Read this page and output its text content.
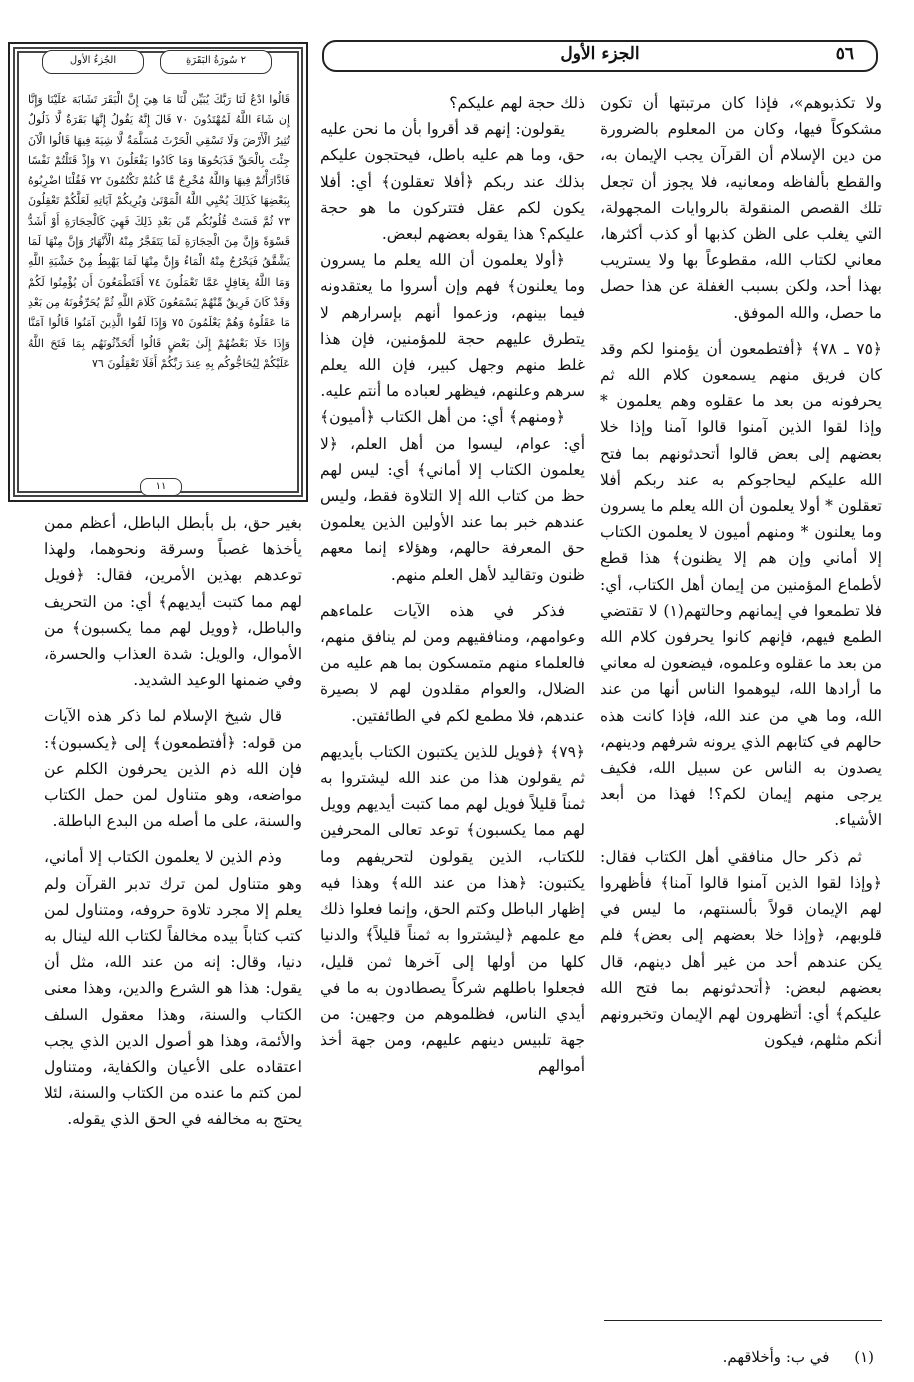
٥٦
الجزء الأول
الجُزءُ الأول	٢ سُورَةُ البَقَرَةِ
قَالُوا ادْعُ لَنَا رَبَّكَ يُبَيِّن لَّنَا مَا هِيَ إِنَّ الْبَقَرَ تَشَابَهَ عَلَيْنَا وَإِنَّا إِن شَاءَ اللَّهُ لَمُهْتَدُونَ ٧٠ قَالَ إِنَّهُ يَقُولُ إِنَّهَا بَقَرَةٌ لَّا ذَلُولٌ تُثِيرُ الْأَرْضَ وَلَا تَسْقِي الْحَرْثَ مُسَلَّمَةٌ لَّا شِيَةَ فِيهَا قَالُوا الْآنَ جِئْتَ بِالْحَقِّ فَذَبَحُوهَا وَمَا كَادُوا يَفْعَلُونَ ٧١ وَإِذْ قَتَلْتُمْ نَفْسًا فَادَّارَأْتُمْ فِيهَا وَاللَّهُ مُخْرِجٌ مَّا كُنتُمْ تَكْتُمُونَ ٧٢ فَقُلْنَا اضْرِبُوهُ بِبَعْضِهَا كَذَلِكَ يُحْيِي اللَّهُ الْمَوْتَىٰ وَيُرِيكُمْ آيَاتِهِ لَعَلَّكُمْ تَعْقِلُونَ ٧٣ ثُمَّ قَسَتْ قُلُوبُكُم مِّن بَعْدِ ذَلِكَ فَهِيَ كَالْحِجَارَةِ أَوْ أَشَدُّ قَسْوَةً وَإِنَّ مِنَ الْحِجَارَةِ لَمَا يَتَفَجَّرُ مِنْهُ الْأَنْهَارُ وَإِنَّ مِنْهَا لَمَا يَشَّقَّقُ فَيَخْرُجُ مِنْهُ الْمَاءُ وَإِنَّ مِنْهَا لَمَا يَهْبِطُ مِنْ خَشْيَةِ اللَّهِ وَمَا اللَّهُ بِغَافِلٍ عَمَّا تَعْمَلُونَ ٧٤ أَفَتَطْمَعُونَ أَن يُؤْمِنُوا لَكُمْ وَقَدْ كَانَ فَرِيقٌ مِّنْهُمْ يَسْمَعُونَ كَلَامَ اللَّهِ ثُمَّ يُحَرِّفُونَهُ مِن بَعْدِ مَا عَقَلُوهُ وَهُمْ يَعْلَمُونَ ٧٥ وَإِذَا لَقُوا الَّذِينَ آمَنُوا قَالُوا آمَنَّا وَإِذَا خَلَا بَعْضُهُمْ إِلَىٰ بَعْضٍ قَالُوا أَتُحَدِّثُونَهُم بِمَا فَتَحَ اللَّهُ عَلَيْكُمْ لِيُحَاجُّوكُم بِهِ عِندَ رَبِّكُمْ أَفَلَا تَعْقِلُونَ ٧٦
١١

ولا تكذبوهم»، فإذا كان مرتبتها أن تكون مشكوكاً فيها، وكان من المعلوم بالضرورة من دين الإسلام أن القرآن يجب الإيمان به، والقطع بألفاظه ومعانيه، فلا يجوز أن تجعل تلك القصص المنقولة بالروايات المجهولة، التي يغلب على الظن كذبها أو كذب أكثرها، معاني لكتاب الله، مقطوعاً بها ولا يستريب بهذا أحد، ولكن بسبب الغفلة عن هذا حصل ما حصل، والله الموفق.

﴿٧٥ ـ ٧٨﴾ ﴿أفتطمعون أن يؤمنوا لكم وقد كان فريق منهم يسمعون كلام الله ثم يحرفونه من بعد ما عقلوه وهم يعلمون * وإذا لقوا الذين آمنوا قالوا آمنا وإذا خلا بعضهم إلى بعض قالوا أتحدثونهم بما فتح الله عليكم ليحاجوكم به عند ربكم أفلا تعقلون * أولا يعلمون أن الله يعلم ما يسرون وما يعلنون * ومنهم أميون لا يعلمون الكتاب إلا أماني وإن هم إلا يظنون﴾ هذا قطع لأطماع المؤمنين من إيمان أهل الكتاب، أي: فلا تطمعوا في إيمانهم وحالتهم(١) لا تقتضي الطمع فيهم، فإنهم كانوا يحرفون كلام الله من بعد ما عقلوه وعلموه، فيضعون له معاني ما أرادها الله، ليوهموا الناس أنها من عند الله، وما هي من عند الله، فإذا كانت هذه حالهم في كتابهم الذي يرونه شرفهم ودينهم، يصدون به الناس عن سبيل الله، فكيف يرجى منهم إيمان لكم؟! فهذا من أبعد الأشياء.

ثم ذكر حال منافقي أهل الكتاب فقال: ﴿وإذا لقوا الذين آمنوا قالوا آمنا﴾ فأظهروا لهم الإيمان قولاً بألسنتهم، ما ليس في قلوبهم، ﴿وإذا خلا بعضهم إلى بعض﴾ فلم يكن عندهم أحد من غير أهل دينهم، قال بعضهم لبعض: ﴿أتحدثونهم بما فتح الله عليكم﴾ أي: أتظهرون لهم الإيمان وتخبرونهم أنكم مثلهم، فيكون

ذلك حجة لهم عليكم؟

يقولون: إنهم قد أقروا بأن ما نحن عليه حق، وما هم عليه باطل، فيحتجون عليكم بذلك عند ربكم ﴿أفلا تعقلون﴾ أي: أفلا يكون لكم عقل فتتركون ما هو حجة عليكم؟ هذا يقوله بعضهم لبعض.

﴿أولا يعلمون أن الله يعلم ما يسرون وما يعلنون﴾ فهم وإن أسروا ما يعتقدونه فيما بينهم، وزعموا أنهم بإسرارهم لا يتطرق عليهم حجة للمؤمنين، فإن هذا غلط منهم وجهل كبير، فإن الله يعلم سرهم وعلنهم، فيظهر لعباده ما أنتم عليه.

﴿ومنهم﴾ أي: من أهل الكتاب ﴿أميون﴾ أي: عوام، ليسوا من أهل العلم، ﴿لا يعلمون الكتاب إلا أماني﴾ أي: ليس لهم حظ من كتاب الله إلا التلاوة فقط، وليس عندهم خبر بما عند الأولين الذين يعلمون حق المعرفة حالهم، وهؤلاء إنما معهم ظنون وتقاليد لأهل العلم منهم.

فذكر في هذه الآيات علماءهم وعوامهم، ومنافقيهم ومن لم ينافق منهم، فالعلماء منهم متمسكون بما هم عليه من الضلال، والعوام مقلدون لهم لا بصيرة عندهم، فلا مطمع لكم في الطائفتين.

﴿٧٩﴾ ﴿فويل للذين يكتبون الكتاب بأيديهم ثم يقولون هذا من عند الله ليشتروا به ثمناً قليلاً فويل لهم مما كتبت أيديهم وويل لهم مما يكسبون﴾ توعد تعالى المحرفين للكتاب، الذين يقولون لتحريفهم وما يكتبون: ﴿هذا من عند الله﴾ وهذا فيه إظهار الباطل وكتم الحق، وإنما فعلوا ذلك مع علمهم ﴿ليشتروا به ثمناً قليلاً﴾ والدنيا كلها من أولها إلى آخرها ثمن قليل، فجعلوا باطلهم شركاً يصطادون به ما في أيدي الناس، فظلموهم من وجهين: من جهة تلبيس دينهم عليهم، ومن جهة أخذ أموالهم

بغير حق، بل بأبطل الباطل، أعظم ممن يأخذها غصباً وسرقة ونحوهما، ولهذا توعدهم بهذين الأمرين، فقال: ﴿فويل لهم مما كتبت أيديهم﴾ أي: من التحريف والباطل، ﴿وويل لهم مما يكسبون﴾ من الأموال، والويل: شدة العذاب والحسرة، وفي ضمنها الوعيد الشديد.

قال شيخ الإسلام لما ذكر هذه الآيات من قوله: ﴿أفتطمعون﴾ إلى ﴿يكسبون﴾: فإن الله ذم الذين يحرفون الكلم عن مواضعه، وهو متناول لمن حمل الكتاب والسنة، على ما أصله من البدع الباطلة.

وذم الذين لا يعلمون الكتاب إلا أماني، وهو متناول لمن ترك تدبر القرآن ولم يعلم إلا مجرد تلاوة حروفه، ومتناول لمن كتب كتاباً بيده مخالفاً لكتاب الله لينال به دنيا، وقال: إنه من عند الله، مثل أن يقول: هذا هو الشرع والدين، وهذا معنى الكتاب والسنة، وهذا معقول السلف والأئمة، وهذا هو أصول الدين الذي يجب اعتقاده على الأعيان والكفاية، ومتناول لمن كتم ما عنده من الكتاب والسنة، لئلا يحتج به مخالفه في الحق الذي يقوله.

(١) في ب: وأخلاقهم.
